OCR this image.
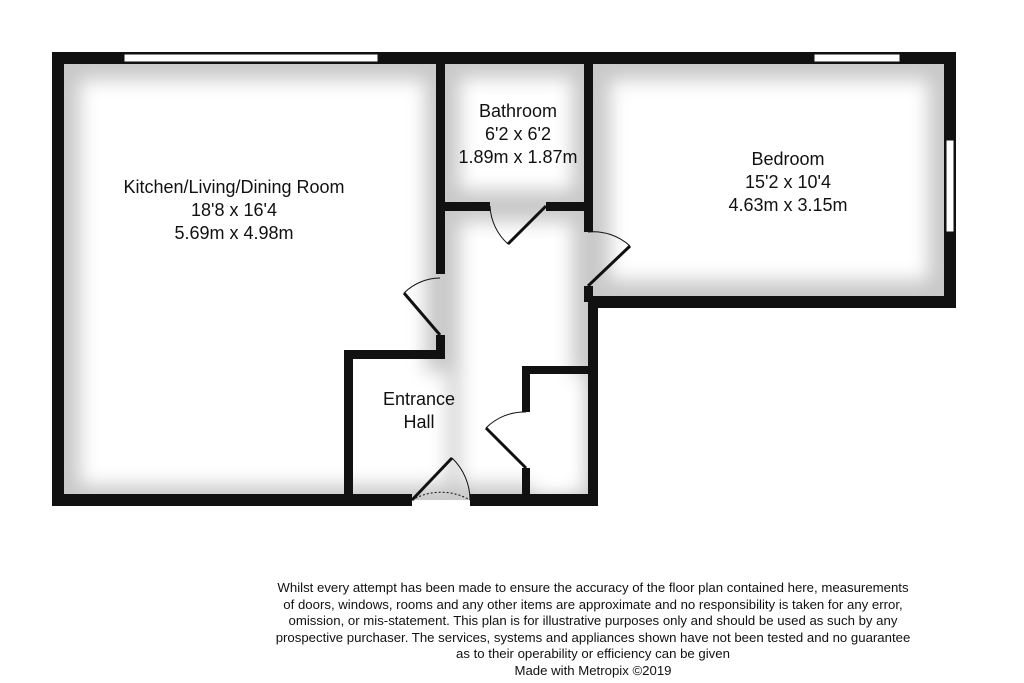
Kitchen/Living/Dining Room
18'8 x 16'4
5.69m x 4.98m
Bathroom
6'2 x 6'2
1.89m x 1.87m	Bedroom
15'2 x 10'4
4.63m x 3.15m
Entrance
Hall
Whilst every attempt has been made to ensure the accuracy of the floor plan contained here, measurements
of doors, windows, rooms and any other items are approximate and no responsibility is taken for any error,
omission, or mis-statement. This plan is for illustrative purposes only and should be used as such by any
prospective purchaser. The services, systems and appliances shown have not been tested and no guarantee
as to their operability or efficiency can be given
Made with Metropix ©2019
